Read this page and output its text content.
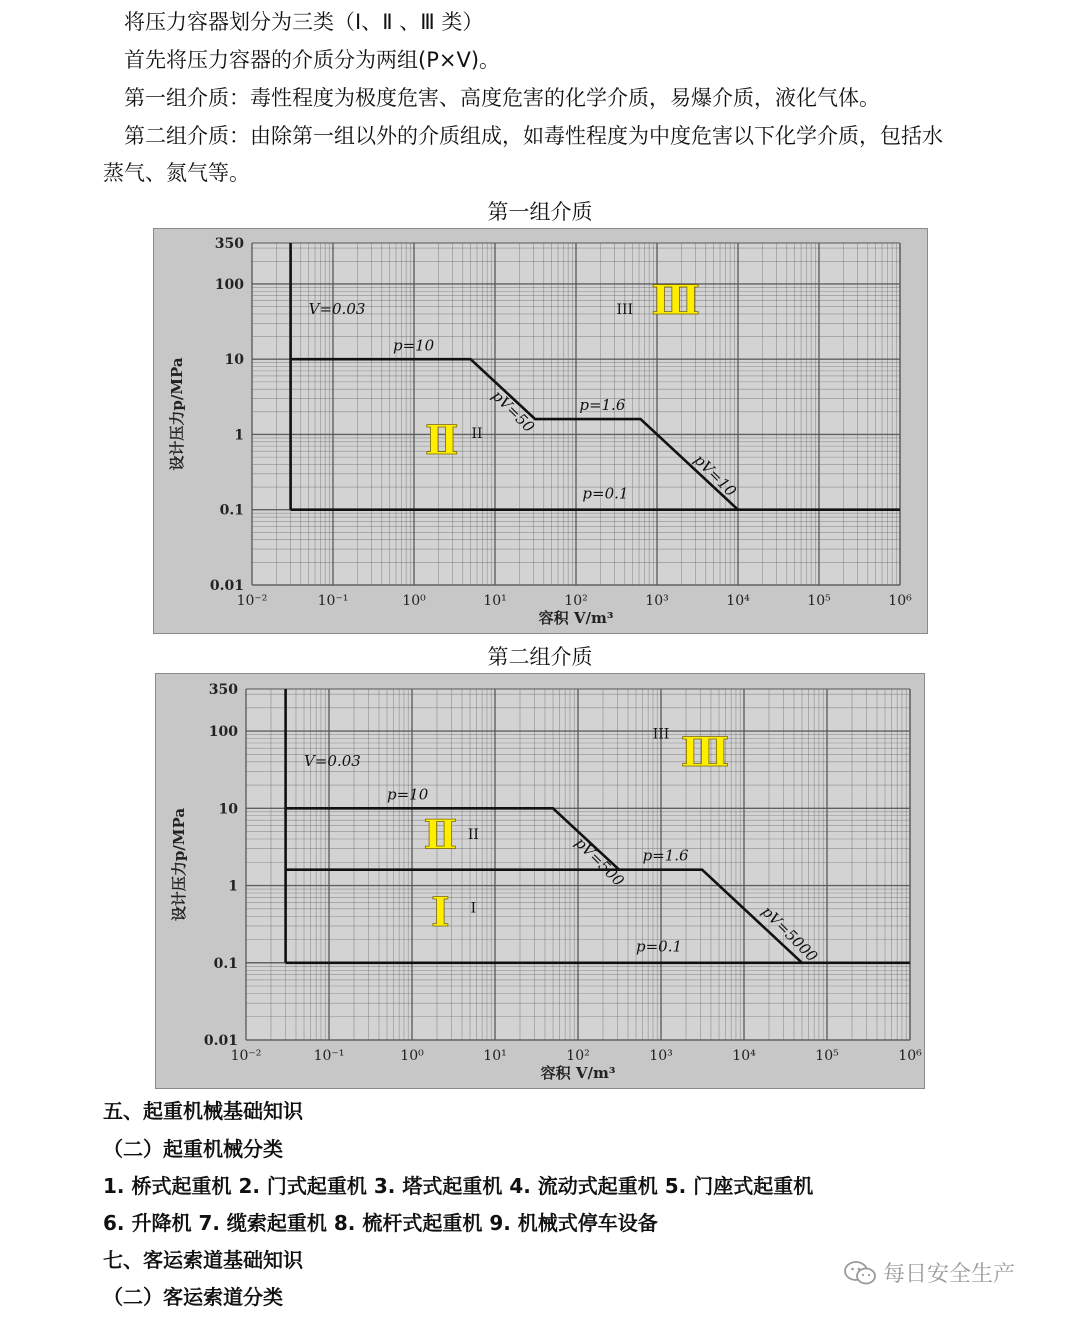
将压力容器划分为三类（Ⅰ、Ⅱ 、Ⅲ 类）
首先将压力容器的介质分为两组(P×V)。
第一组介质：毒性程度为极度危害、高度危害的化学介质，易爆介质，液化气体。
第二组介质：由除第一组以外的介质组成，如毒性程度为中度危害以下化学介质，包括水
蒸气、氮气等。
第一组介质
10⁻²	10⁻¹	10⁰	10¹	10²	10³	10⁴	10⁵	10⁶
350
100
10
1
0.1
0.01
容积 V/m³
设计压力p/MPa
V=0.03
p=10
pV=50	p=1.6
pV=10
p=0.1
III Ⅲ
II
Ⅱ
第二组介质
10⁻²	10⁻¹	10⁰	10¹	10²	10³	10⁴	10⁵	10⁶
350
100
10
1
0.1
0.01
容积 V/m³
设计压力p/MPa
V=0.03
p=10
pV=500 p=1.6
pV=5000
p=0.1
III Ⅲ
II
Ⅱ
I
Ⅰ
五、起重机械基础知识
（二）起重机械分类
1. 桥式起重机 2. 门式起重机 3. 塔式起重机 4. 流动式起重机 5. 门座式起重机
6. 升降机 7. 缆索起重机 8. 梳杆式起重机 9. 机械式停车设备
七、客运索道基础知识
（二）客运索道分类
每日安全生产
